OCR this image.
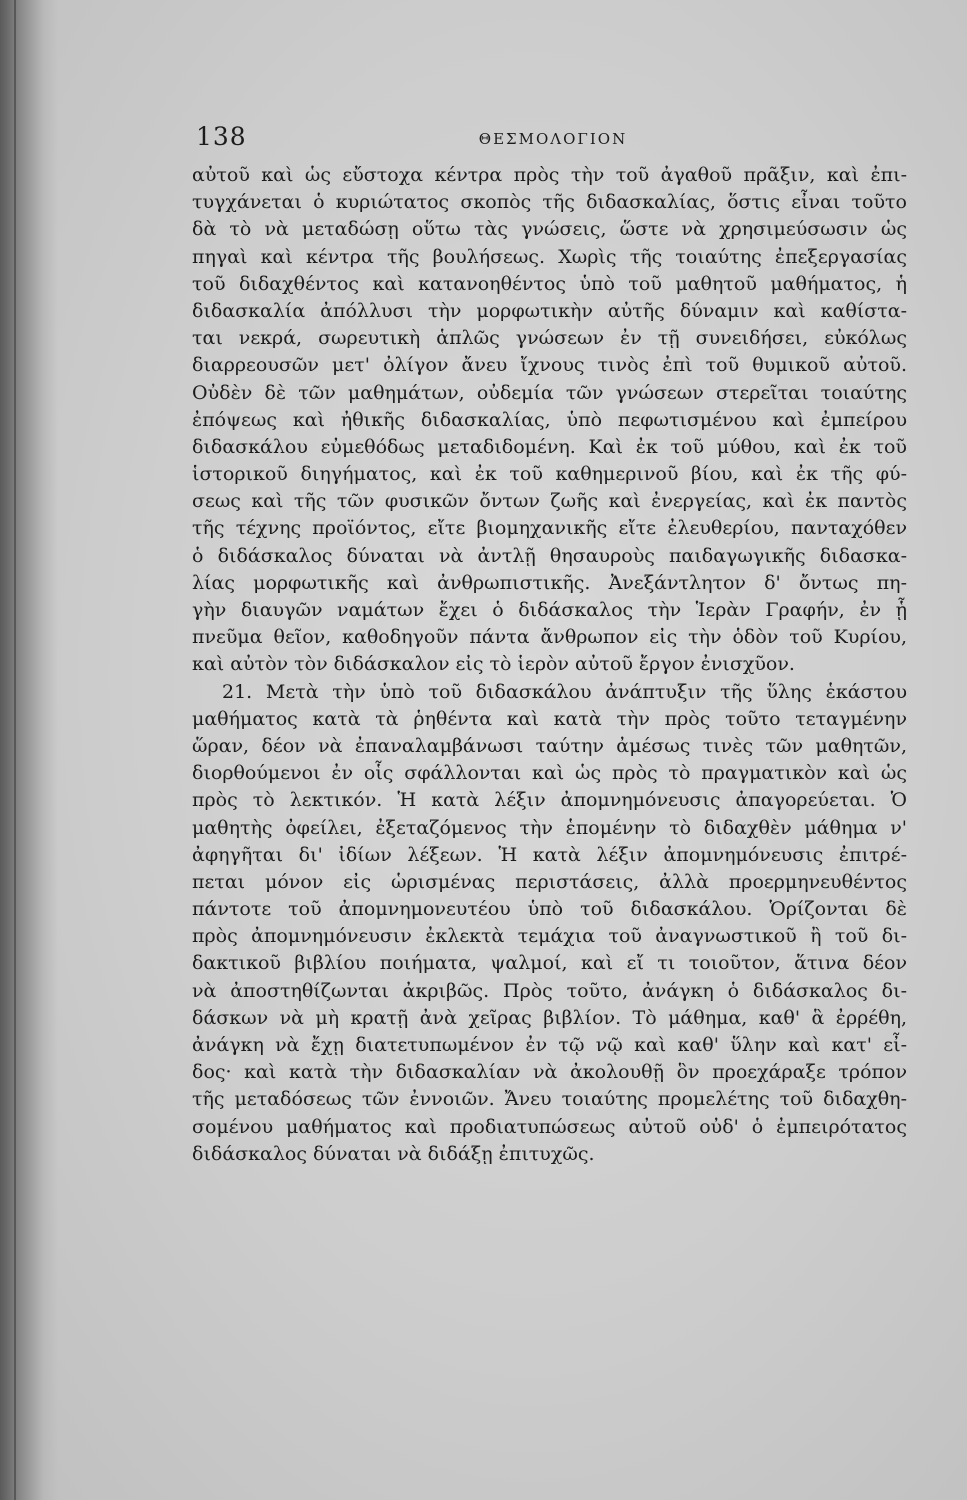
138	ΘΕΣΜΟΛΟΓΙΟΝ
αὐτοῦ καὶ ὡς εὔστοχα κέντρα πρὸς τὴν τοῦ ἀγαθοῦ πρᾶξιν, καὶ ἐπι-
τυγχάνεται ὁ κυριώτατος σκοπὸς τῆς διδασκαλίας, ὅστις εἶναι τοῦτο
δὰ τὸ νὰ μεταδώσῃ οὕτω τὰς γνώσεις, ὥστε νὰ χρησιμεύσωσιν ὡς
πηγαὶ καὶ κέντρα τῆς βουλήσεως. Χωρὶς τῆς τοιαύτης ἐπεξεργασίας
τοῦ διδαχθέντος καὶ κατανοηθέντος ὑπὸ τοῦ μαθητοῦ μαθήματος, ἡ
διδασκαλία ἀπόλλυσι τὴν μορφωτικὴν αὐτῆς δύναμιν καὶ καθίστα-
ται νεκρά, σωρευτικὴ ἁπλῶς γνώσεων ἐν τῇ συνειδήσει, εὐκόλως
διαρρεουσῶν μετ' ὀλίγον ἄνευ ἴχνους τινὸς ἐπὶ τοῦ θυμικοῦ αὐτοῦ.
Οὐδὲν δὲ τῶν μαθημάτων, οὐδεμία τῶν γνώσεων στερεῖται τοιαύτης
ἐπόψεως καὶ ἠθικῆς διδασκαλίας, ὑπὸ πεφωτισμένου καὶ ἐμπείρου
διδασκάλου εὐμεθόδως μεταδιδομένη. Καὶ ἐκ τοῦ μύθου, καὶ ἐκ τοῦ
ἱστορικοῦ διηγήματος, καὶ ἐκ τοῦ καθημερινοῦ βίου, καὶ ἐκ τῆς φύ-
σεως καὶ τῆς τῶν φυσικῶν ὄντων ζωῆς καὶ ἐνεργείας, καὶ ἐκ παντὸς
τῆς τέχνης προϊόντος, εἴτε βιομηχανικῆς εἴτε ἐλευθερίου, πανταχόθεν
ὁ διδάσκαλος δύναται νὰ ἀντλῇ θησαυροὺς παιδαγωγικῆς διδασκα-
λίας μορφωτικῆς καὶ ἀνθρωπιστικῆς. Ἀνεξάντλητον δ' ὄντως πη-
γὴν διαυγῶν ναμάτων ἔχει ὁ διδάσκαλος τὴν Ἱερὰν Γραφήν, ἐν ᾗ
πνεῦμα θεῖον, καθοδηγοῦν πάντα ἄνθρωπον εἰς τὴν ὁδὸν τοῦ Κυρίου,
καὶ αὐτὸν τὸν διδάσκαλον εἰς τὸ ἱερὸν αὐτοῦ ἔργον ἐνισχῦον.
21. Μετὰ τὴν ὑπὸ τοῦ διδασκάλου ἀνάπτυξιν τῆς ὕλης ἑκάστου
μαθήματος κατὰ τὰ ῥηθέντα καὶ κατὰ τὴν πρὸς τοῦτο τεταγμένην
ὥραν, δέον νὰ ἐπαναλαμβάνωσι ταύτην ἀμέσως τινὲς τῶν μαθητῶν,
διορθούμενοι ἐν οἷς σφάλλονται καὶ ὡς πρὸς τὸ πραγματικὸν καὶ ὡς
πρὸς τὸ λεκτικόν. Ἡ κατὰ λέξιν ἀπομνημόνευσις ἀπαγορεύεται. Ὁ
μαθητὴς ὀφείλει, ἐξεταζόμενος τὴν ἑπομένην τὸ διδαχθὲν μάθημα ν'
ἀφηγῆται δι' ἰδίων λέξεων. Ἡ κατὰ λέξιν ἀπομνημόνευσις ἐπιτρέ-
πεται μόνον εἰς ὡρισμένας περιστάσεις, ἀλλὰ προερμηνευθέντος
πάντοτε τοῦ ἀπομνημονευτέου ὑπὸ τοῦ διδασκάλου. Ὁρίζονται δὲ
πρὸς ἀπομνημόνευσιν ἐκλεκτὰ τεμάχια τοῦ ἀναγνωστικοῦ ἢ τοῦ δι-
δακτικοῦ βιβλίου ποιήματα, ψαλμοί, καὶ εἴ τι τοιοῦτον, ἅτινα δέον
νὰ ἀποστηθίζωνται ἀκριβῶς. Πρὸς τοῦτο, ἀνάγκη ὁ διδάσκαλος δι-
δάσκων νὰ μὴ κρατῇ ἀνὰ χεῖρας βιβλίον. Τὸ μάθημα, καθ' ἃ ἐρρέθη,
ἀνάγκη νὰ ἔχῃ διατετυπωμένον ἐν τῷ νῷ καὶ καθ' ὕλην καὶ κατ' εἶ-
δος· καὶ κατὰ τὴν διδασκαλίαν νὰ ἀκολουθῇ ὃν προεχάραξε τρόπον
τῆς μεταδόσεως τῶν ἐννοιῶν. Ἄνευ τοιαύτης προμελέτης τοῦ διδαχθη-
σομένου μαθήματος καὶ προδιατυπώσεως αὐτοῦ οὐδ' ὁ ἐμπειρότατος
διδάσκαλος δύναται νὰ διδάξῃ ἐπιτυχῶς.
